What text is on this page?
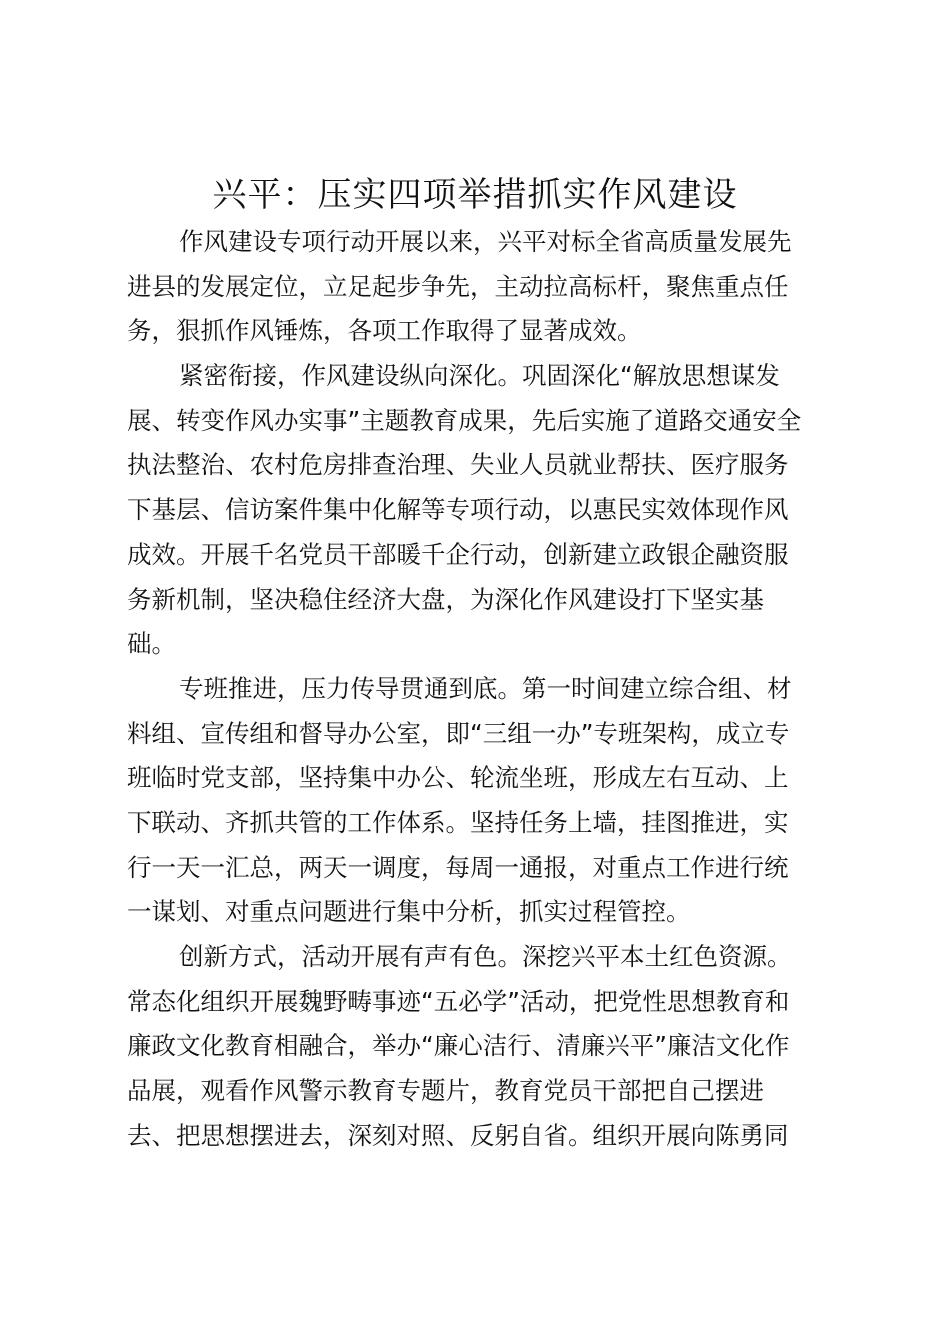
兴平：压实四项举措抓实作风建设
作风建设专项行动开展以来，兴平对标全省高质量发展先
进县的发展定位，立足起步争先，主动拉高标杆，聚焦重点任
务，狠抓作风锤炼，各项工作取得了显著成效。
紧密衔接，作风建设纵向深化。巩固深化“解放思想谋发
展、转变作风办实事”主题教育成果，先后实施了道路交通安全
执法整治、农村危房排查治理、失业人员就业帮扶、医疗服务
下基层、信访案件集中化解等专项行动，以惠民实效体现作风
成效。开展千名党员干部暖千企行动，创新建立政银企融资服
务新机制，坚决稳住经济大盘，为深化作风建设打下坚实基
础。
专班推进，压力传导贯通到底。第一时间建立综合组、材
料组、宣传组和督导办公室，即“三组一办”专班架构，成立专
班临时党支部，坚持集中办公、轮流坐班，形成左右互动、上
下联动、齐抓共管的工作体系。坚持任务上墙，挂图推进，实
行一天一汇总，两天一调度，每周一通报，对重点工作进行统
一谋划、对重点问题进行集中分析，抓实过程管控。
创新方式，活动开展有声有色。深挖兴平本土红色资源。
常态化组织开展魏野畴事迹“五必学”活动，把党性思想教育和
廉政文化教育相融合，举办“廉心洁行、清廉兴平”廉洁文化作
品展，观看作风警示教育专题片，教育党员干部把自己摆进
去、把思想摆进去，深刻对照、反躬自省。组织开展向陈勇同
